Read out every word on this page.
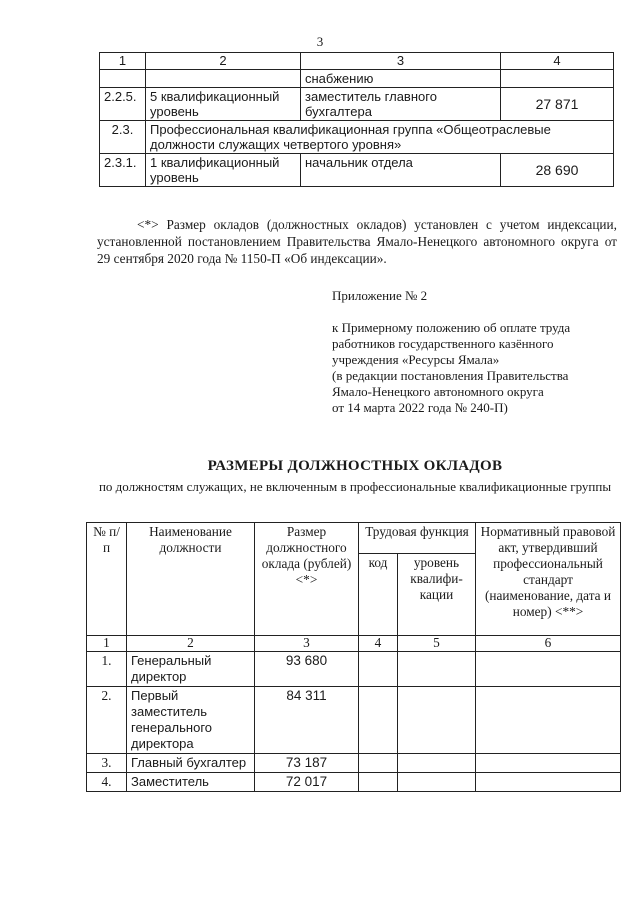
3
1	2	3	4
		снабжению	
2.2.5.	5 квалификационный уровень	заместитель главного бухгалтера	27 871
2.3.	Профессиональная квалификационная группа «Общеотраслевые должности служащих четвертого уровня»		
2.3.1.	1 квалификационный уровень	начальник отдела	28 690
<*> Размер окладов (должностных окладов) установлен с учетом индексации, установленной постановлением Правительства Ямало-Ненецкого автономного округа от 29 сентября 2020 года № 1150-П «Об индексации».
Приложение № 2
к Примерному положению об оплате труда
работников государственного казённого
учреждения «Ресурсы Ямала»
(в редакции постановления Правительства
Ямало-Ненецкого автономного округа
от 14 марта 2022 года № 240-П)
РАЗМЕРЫ ДОЛЖНОСТНЫХ ОКЛАДОВ
по должностям служащих, не включенным в профессиональные квалификационные группы
№ п/п	Наименование должности	Размер должностного оклада (рублей) <*>	Трудовая функция		Нормативный правовой акт, утвердивший профессиональный стандарт (наименование, дата и номер) <**>
			код	уровень квалифи-кации	
1	2	3	4	5	6
1.	Генеральный директор	93 680			
2.	Первый заместитель генерального директора	84 311			
3.	Главный бухгалтер	73 187			
4.	Заместитель	72 017			
